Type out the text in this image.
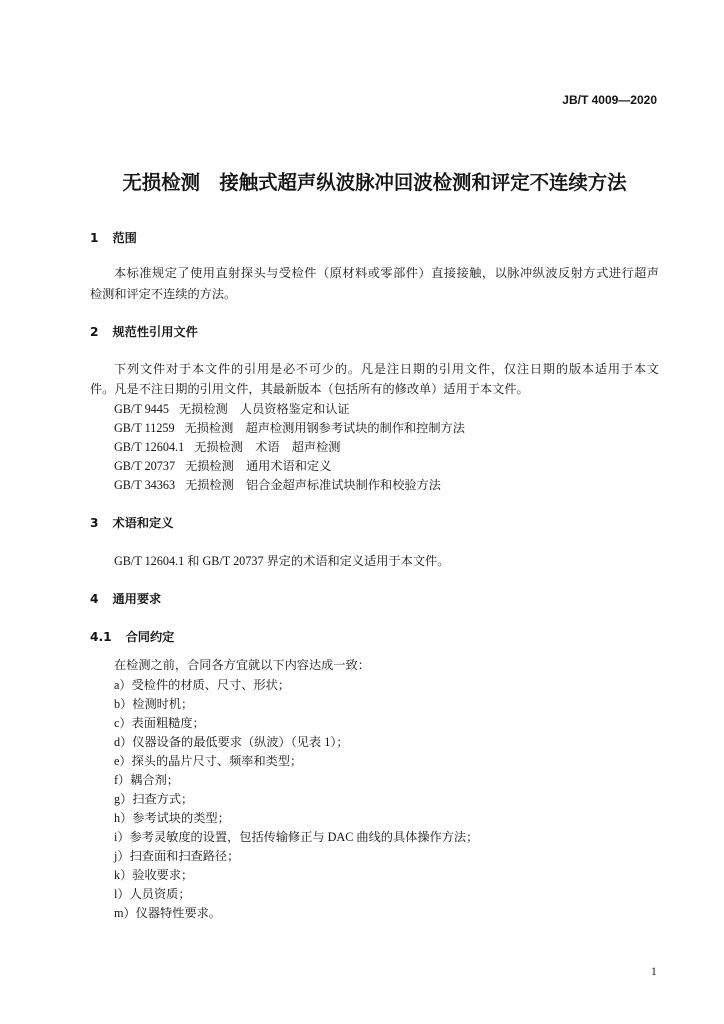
JB/T 4009—2020
无损检测　接触式超声纵波脉冲回波检测和评定不连续方法
1 范围
本标准规定了使用直射探头与受检件（原材料或零部件）直接接触，以脉冲纵波反射方式进行超声
检测和评定不连续的方法。
2 规范性引用文件
下列文件对于本文件的引用是必不可少的。凡是注日期的引用文件，仅注日期的版本适用于本文
件。凡是不注日期的引用文件，其最新版本（包括所有的修改单）适用于本文件。
GB/T 9445 无损检测　人员资格鉴定和认证
GB/T 11259 无损检测　超声检测用钢参考试块的制作和控制方法
GB/T 12604.1 无损检测　术语　超声检测
GB/T 20737 无损检测　通用术语和定义
GB/T 34363 无损检测　铝合金超声标准试块制作和校验方法
3 术语和定义
GB/T 12604.1 和 GB/T 20737 界定的术语和定义适用于本文件。
4 通用要求
4.1 合同约定
在检测之前，合同各方宜就以下内容达成一致：
a）受检件的材质、尺寸、形状；
b）检测时机；
c）表面粗糙度；
d）仪器设备的最低要求（纵波）（见表 1）；
e）探头的晶片尺寸、频率和类型；
f）耦合剂；
g）扫查方式；
h）参考试块的类型；
i）参考灵敏度的设置，包括传输修正与 DAC 曲线的具体操作方法；
j）扫查面和扫查路径；
k）验收要求；
l）人员资质；
m）仪器特性要求。
1
